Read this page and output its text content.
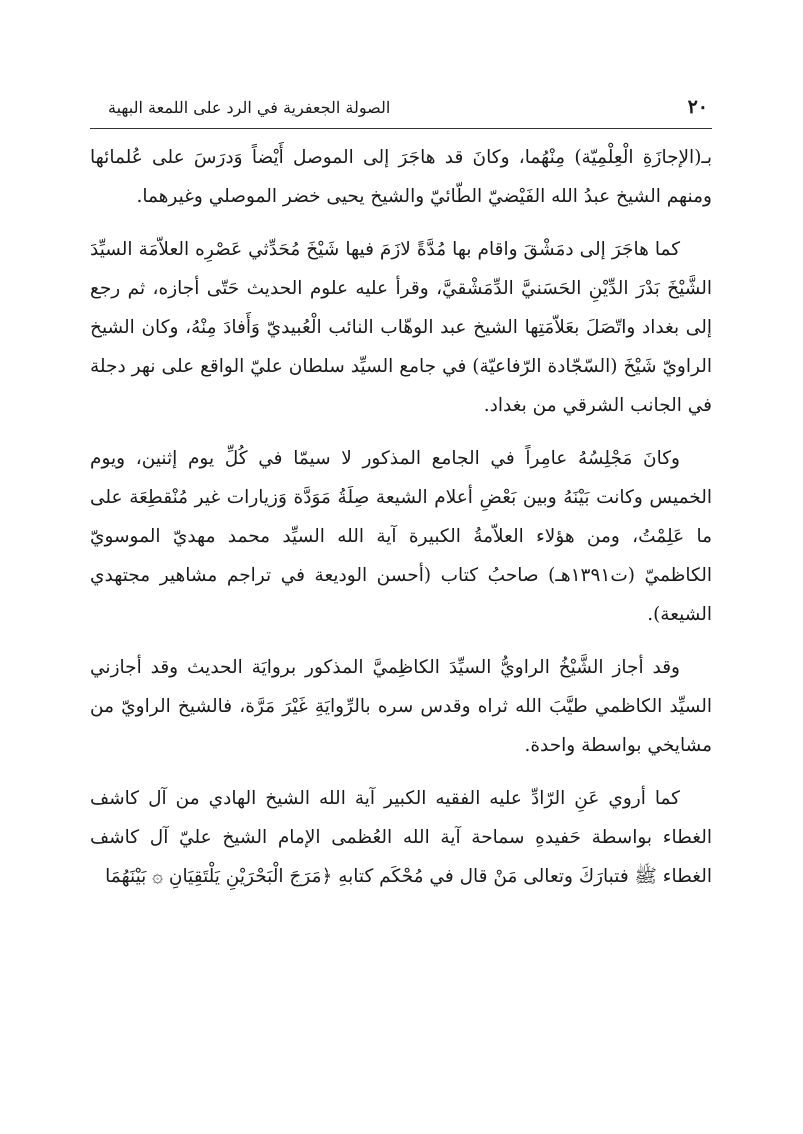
٢٠
الصولة الجعفرية في الرد على اللمعة البهية

بـ(الإجازَةِ الْعِلْمِيّة) مِنْهُما، وكانَ قد هاجَرَ إلى الموصل أَيْضاً وَدرَسَ على عُلمائها ومنهم الشيخ عبدُ الله الفَيْضيّ الطّائيّ والشيخ يحيى خضر الموصلي وغيرهما.

كما هاجَرَ إلى دمَشْقَ واقام بها مُدَّةً لازَمَ فيها شَيْخَ مُحَدِّثي عَصْرِه العلاّمَة السيِّدَ الشَّيْخَ بَدْرَ الدِّيْنِ الحَسَنيَّ الدِّمَشْقيَّ، وقرأ عليه علوم الحديث حَتّى أجازه، ثم رجع إلى بغداد واتّصَلَ بعَلاّمَتِها الشيخ عبد الوهّاب النائب الْعُبيديّ وَأَفادَ مِنْهُ، وكان الشيخ الراويّ شَيْخَ (السّجّادة الرّفاعيّة) في جامع السيِّد سلطان عليّ الواقع على نهر دجلة في الجانب الشرقي من بغداد.

وكانَ مَجْلِسُهُ عامِراً في الجامع المذكور لا سيمّا في كُلِّ يوم إثنين، ويوم الخميس وكانت بَيْنَهُ وبين بَعْضِ أعلام الشيعة صِلَةُ مَوَدَّة وَزيارات غير مُنْقطِعَة على ما عَلِمْتُ، ومن هؤلاء العلاّمةُ الكبيرة آية الله السيِّد محمد مهديّ الموسويّ الكاظميّ (ت١٣٩١هـ) صاحبُ كتاب (أحسن الوديعة في تراجم مشاهير مجتهدي الشيعة).

وقد أجاز الشَّيْخُ الراويُّ السيِّدَ الكاظِميَّ المذكور بروايَة الحديث وقد أجازني السيِّد الكاظمي طيَّبَ الله ثراه وقدس سره بالرِّوايَةِ غَيْرَ مَرَّة، فالشيخ الراويّ من مشايخي بواسطة واحدة.

كما أروي عَنِ الرّادِّ عليه الفقيه الكبير آية الله الشيخ الهادي من آل كاشف الغطاء بواسطة حَفيدهِ سماحة آية الله العُظمى الإمام الشيخ عليّ آل كاشف الغطاء ﷺ فتبارَكَ وتعالى مَنْ قال في مُحْكَم كتابهِ ﴿مَرَجَ الْبَحْرَيْنِ يَلْتَقِيَانِ ۞ بَيْنَهُمَا
